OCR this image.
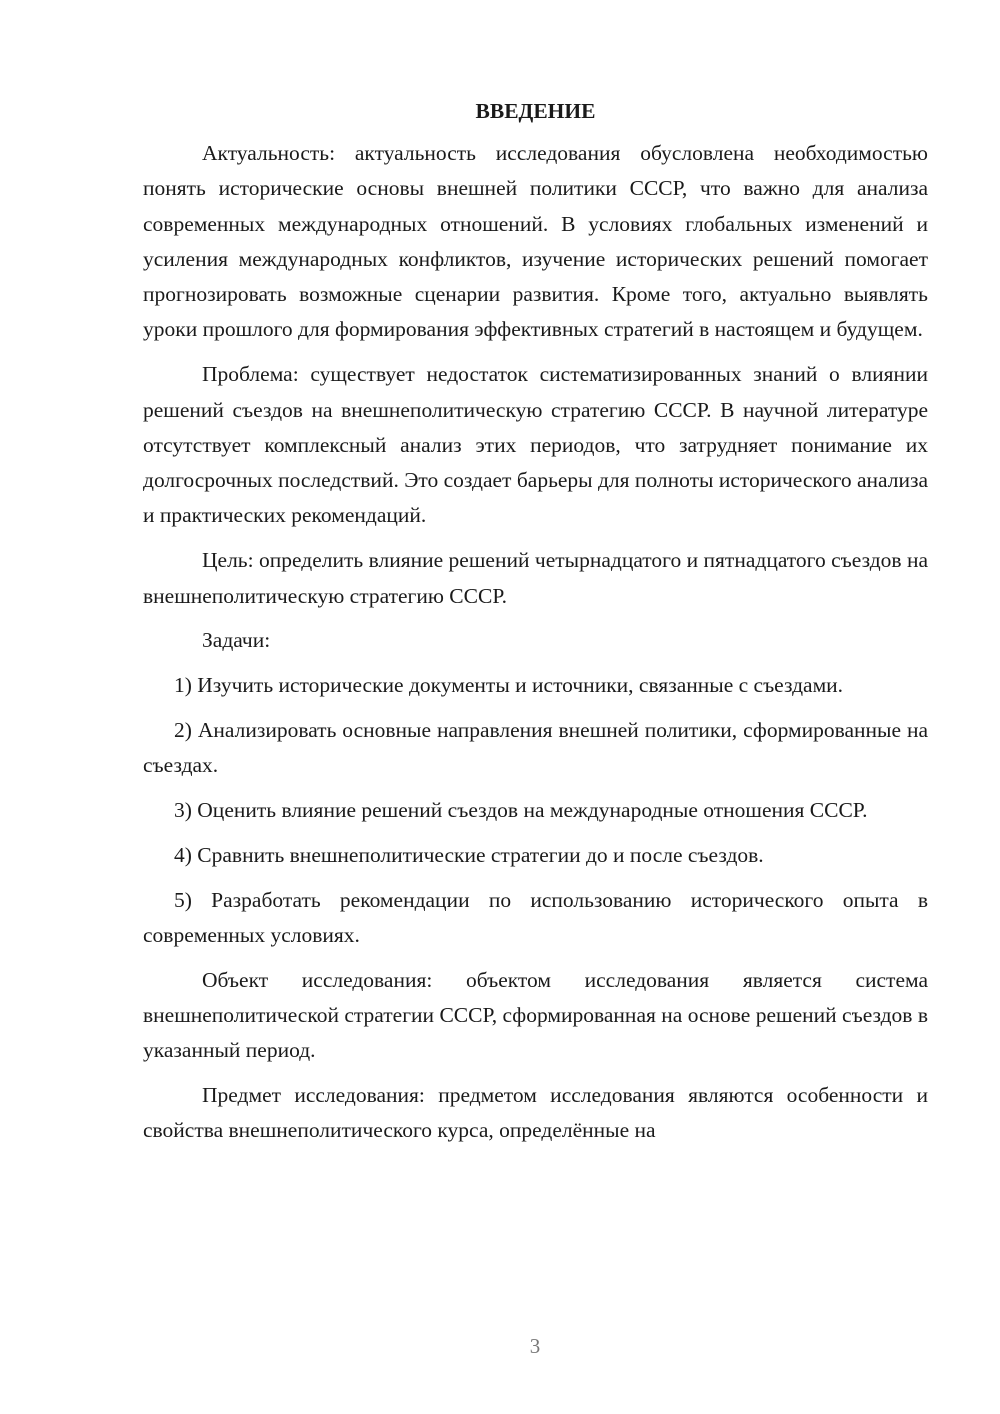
ВВЕДЕНИЕ

Актуальность: актуальность исследования обусловлена необходимостью понять исторические основы внешней политики СССР, что важно для анализа современных международных отношений. В условиях глобальных изменений и усиления международных конфликтов, изучение исторических решений помогает прогнозировать возможные сценарии развития. Кроме того, актуально выявлять уроки прошлого для формирования эффективных стратегий в настоящем и будущем.

Проблема: существует недостаток систематизированных знаний о влиянии решений съездов на внешнеполитическую стратегию СССР. В научной литературе отсутствует комплексный анализ этих периодов, что затрудняет понимание их долгосрочных последствий. Это создает барьеры для полноты исторического анализа и практических рекомендаций.

Цель: определить влияние решений четырнадцатого и пятнадцатого съездов на внешнеполитическую стратегию СССР.

Задачи:

1) Изучить исторические документы и источники, связанные с съездами.

2) Анализировать основные направления внешней политики, сформированные на съездах.

3) Оценить влияние решений съездов на международные отношения СССР.

4) Сравнить внешнеполитические стратегии до и после съездов.

5) Разработать рекомендации по использованию исторического опыта в современных условиях.

Объект исследования: объектом исследования является система внешнеполитической стратегии СССР, сформированная на основе решений съездов в указанный период.

Предмет исследования: предметом исследования являются особенности и свойства внешнеполитического курса, определённые на

3
